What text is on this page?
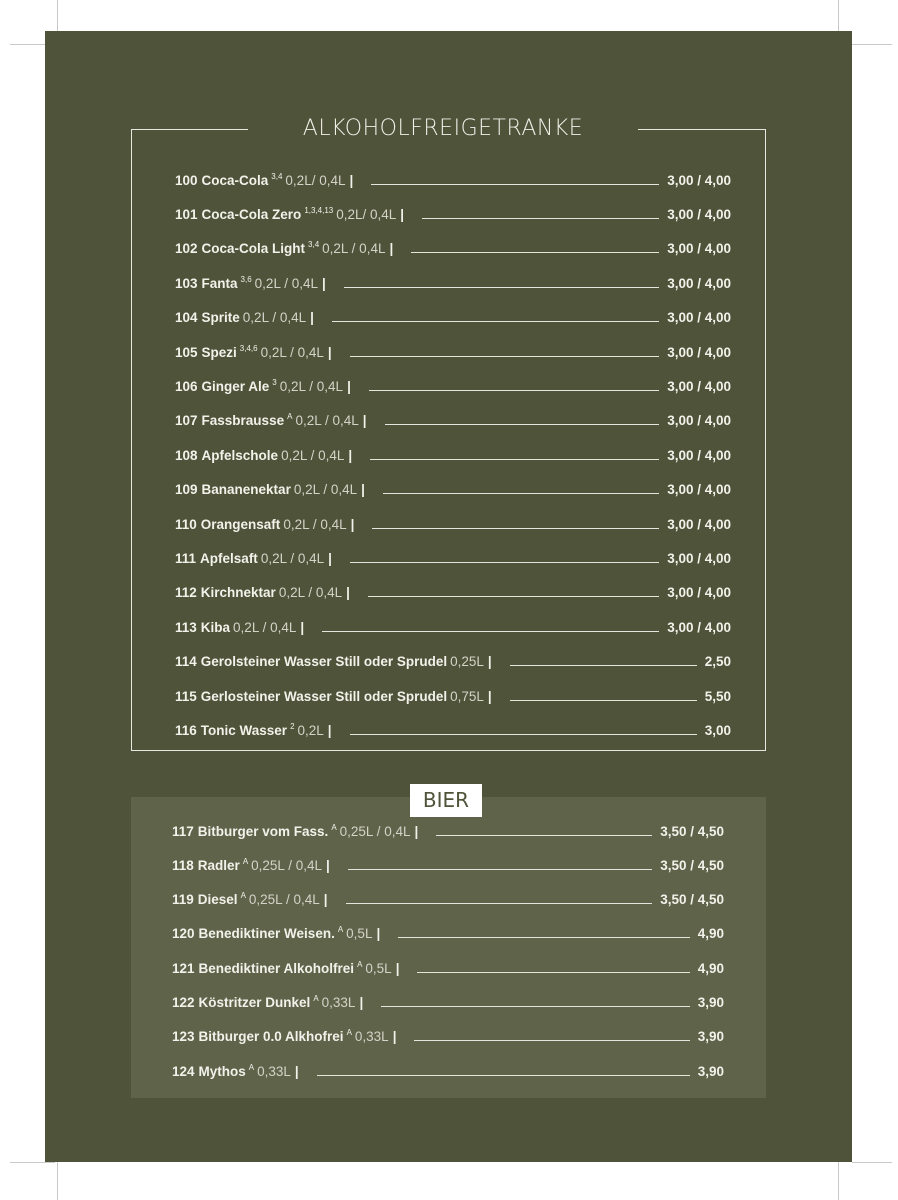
ALKOHOLFREIGETRANKE
BIER
100 Coca-Cola 3,4 0,2L/ 0,4L |	3,00 / 4,00
101 Coca-Cola Zero 1,3,4,13 0,2L/ 0,4L |	3,00 / 4,00
102 Coca-Cola Light 3,4 0,2L / 0,4L |	3,00 / 4,00
103 Fanta 3,6 0,2L / 0,4L |	3,00 / 4,00
104 Sprite 0,2L / 0,4L |	3,00 / 4,00
105 Spezi 3,4,6 0,2L / 0,4L |	3,00 / 4,00
106 Ginger Ale 3 0,2L / 0,4L |	3,00 / 4,00
107 Fassbrausse A 0,2L / 0,4L |	3,00 / 4,00
108 Apfelschole 0,2L / 0,4L |	3,00 / 4,00
109 Bananenektar 0,2L / 0,4L |	3,00 / 4,00
110 Orangensaft 0,2L / 0,4L |	3,00 / 4,00
111 Apfelsaft 0,2L / 0,4L |	3,00 / 4,00
112 Kirchnektar 0,2L / 0,4L |	3,00 / 4,00
113 Kiba 0,2L / 0,4L |	3,00 / 4,00
114 Gerolsteiner Wasser Still oder Sprudel 0,25L |	2,50
115 Gerlosteiner Wasser Still oder Sprudel 0,75L |	5,50
116 Tonic Wasser 2 0,2L |	3,00
117 Bitburger vom Fass. A 0,25L / 0,4L |	3,50 / 4,50
118 Radler A 0,25L / 0,4L |	3,50 / 4,50
119 Diesel A 0,25L / 0,4L |	3,50 / 4,50
120 Benediktiner Weisen. A 0,5L |	4,90
121 Benediktiner Alkoholfrei A 0,5L |	4,90
122 Köstritzer Dunkel A 0,33L |	3,90
123 Bitburger 0.0 Alkhofrei A 0,33L |	3,90
124 Mythos A 0,33L |	3,90
